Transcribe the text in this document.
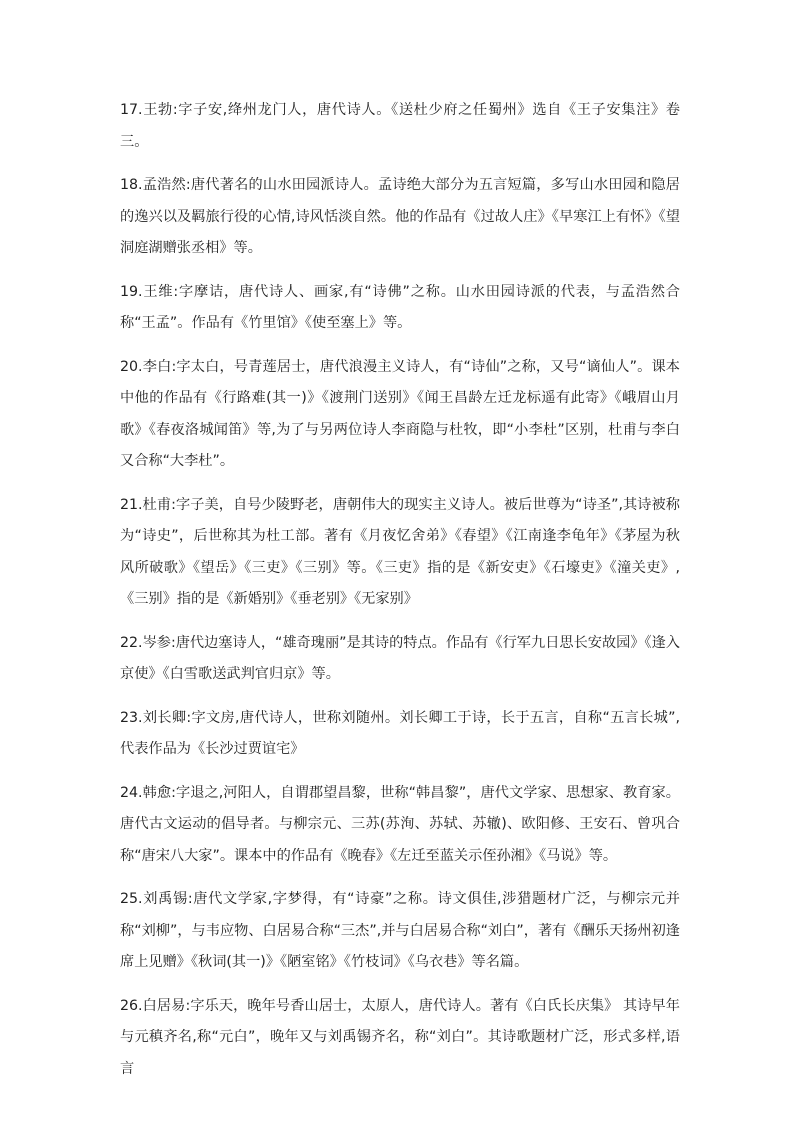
17.王勃:字子安,绛州龙门人，唐代诗人。《送杜少府之任蜀州》选自《王子安集注》卷三。

18.孟浩然:唐代著名的山水田园派诗人。孟诗绝大部分为五言短篇，多写山水田园和隐居的逸兴以及羁旅行役的心情,诗风恬淡自然。他的作品有《过故人庄》《早寒江上有怀》《望洞庭湖赠张丞相》等。

19.王维:字摩诘，唐代诗人、画家,有“诗佛”之称。山水田园诗派的代表，与孟浩然合称“王孟”。作品有《竹里馆》《使至塞上》等。

20.李白:字太白，号青莲居士，唐代浪漫主义诗人，有“诗仙”之称，又号“谪仙人”。课本中他的作品有《行路难(其一)》《渡荆门送别》《闻王昌龄左迁龙标遥有此寄》《峨眉山月歌》《春夜洛城闻笛》等,为了与另两位诗人李商隐与杜牧，即“小李杜”区别，杜甫与李白又合称“大李杜”。

21.杜甫:字子美，自号少陵野老，唐朝伟大的现实主义诗人。被后世尊为“诗圣”,其诗被称为“诗史”，后世称其为杜工部。著有《月夜忆舍弟》《春望》《江南逢李龟年》《茅屋为秋风所破歌》《望岳》《三吏》《三别》等。《三吏》指的是《新安吏》《石壕吏》《潼关吏》,《三别》指的是《新婚别》《垂老别》《无家别》

22.岑参:唐代边塞诗人，“雄奇瑰丽”是其诗的特点。作品有《行军九日思长安故园》《逢入京使》《白雪歌送武判官归京》等。

23.刘长卿:字文房,唐代诗人，世称刘随州。刘长卿工于诗，长于五言，自称“五言长城”,代表作品为《长沙过贾谊宅》

24.韩愈:字退之,河阳人，自谓郡望昌黎，世称“韩昌黎”，唐代文学家、思想家、教育家。唐代古文运动的倡导者。与柳宗元、三苏(苏洵、苏轼、苏辙)、欧阳修、王安石、曾巩合称“唐宋八大家”。课本中的作品有《晚春》《左迁至蓝关示侄孙湘》《马说》等。

25.刘禹锡:唐代文学家,字梦得，有“诗豪”之称。诗文俱佳,涉猎题材广泛，与柳宗元并称“刘柳”，与韦应物、白居易合称“三杰”,并与白居易合称“刘白”，著有《酬乐天扬州初逢席上见赠》《秋词(其一)》《陋室铭》《竹枝词》《乌衣巷》等名篇。

26.白居易:字乐天，晚年号香山居士，太原人，唐代诗人。著有《白氏长庆集》 其诗早年与元稹齐名,称“元白”，晚年又与刘禹锡齐名，称“刘白”。其诗歌题材广泛，形式多样,语言
